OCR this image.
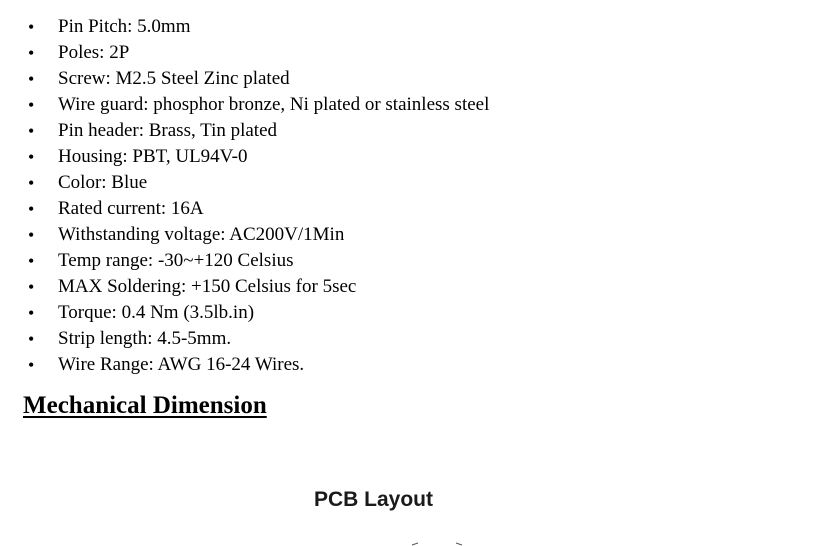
• Pin Pitch: 5.0mm
• Poles: 2P
• Screw: M2.5 Steel Zinc plated
• Wire guard: phosphor bronze, Ni plated or stainless steel
• Pin header: Brass, Tin plated
• Housing: PBT, UL94V-0
• Color: Blue
• Rated current: 16A
• Withstanding voltage: AC200V/1Min
• Temp range: -30~+120 Celsius
• MAX Soldering: +150 Celsius for 5sec
• Torque: 0.4 Nm (3.5lb.in)
• Strip length: 4.5-5mm.
• Wire Range: AWG 16-24 Wires.
Mechanical Dimension

PCB Layout
